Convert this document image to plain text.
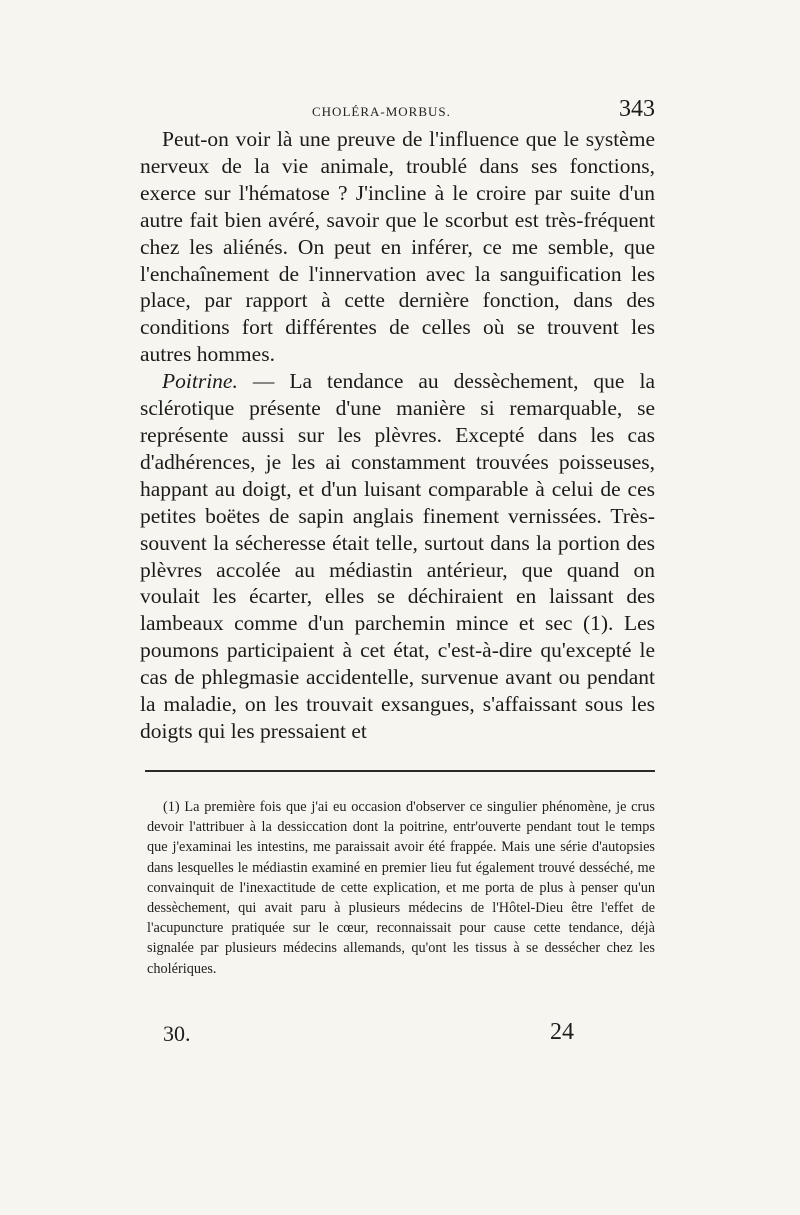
CHOLÉRA-MORBUS.	343

Peut-on voir là une preuve de l'influence que le système nerveux de la vie animale, troublé dans ses fonctions, exerce sur l'hématose ? J'incline à le croire par suite d'un autre fait bien avéré, savoir que le scorbut est très-fréquent chez les aliénés. On peut en inférer, ce me semble, que l'enchaînement de l'innervation avec la sanguification les place, par rapport à cette dernière fonction, dans des conditions fort différentes de celles où se trouvent les autres hommes.

Poitrine. — La tendance au dessèchement, que la sclérotique présente d'une manière si remarquable, se représente aussi sur les plèvres. Excepté dans les cas d'adhérences, je les ai constamment trouvées poisseuses, happant au doigt, et d'un luisant comparable à celui de ces petites boëtes de sapin anglais finement vernissées. Très-souvent la sécheresse était telle, surtout dans la portion des plèvres accolée au médiastin antérieur, que quand on voulait les écarter, elles se déchiraient en laissant des lambeaux comme d'un parchemin mince et sec (1). Les poumons participaient à cet état, c'est-à-dire qu'excepté le cas de phlegmasie accidentelle, survenue avant ou pendant la maladie, on les trouvait exsangues, s'affaissant sous les doigts qui les pressaient et

(1) La première fois que j'ai eu occasion d'observer ce singulier phénomène, je crus devoir l'attribuer à la dessiccation dont la poitrine, entr'ouverte pendant tout le temps que j'examinai les intestins, me paraissait avoir été frappée. Mais une série d'autopsies dans lesquelles le médiastin examiné en premier lieu fut également trouvé desséché, me convainquit de l'inexactitude de cette explication, et me porta de plus à penser qu'un dessèchement, qui avait paru à plusieurs médecins de l'Hôtel-Dieu être l'effet de l'acupuncture pratiquée sur le cœur, reconnaissait pour cause cette tendance, déjà signalée par plusieurs médecins allemands, qu'ont les tissus à se dessécher chez les cholériques.

30.	24
